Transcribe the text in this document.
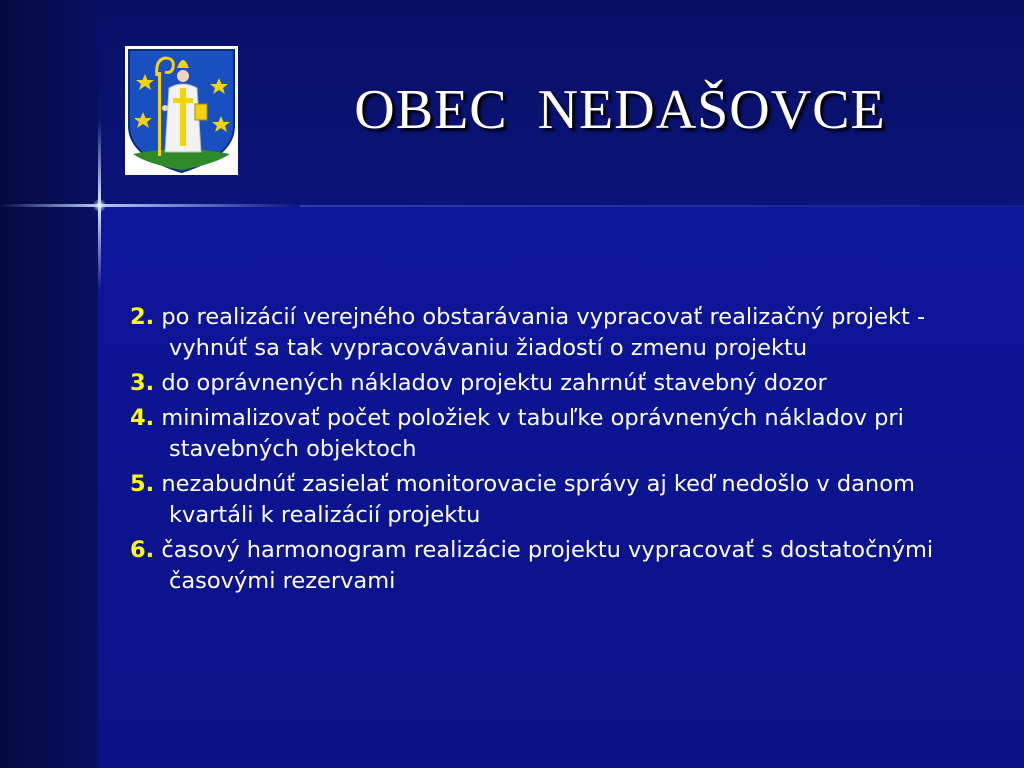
OBEC  NEDAŠOVCE
2. po realizácií verejného obstarávania vypracovať realizačný projekt - vyhnúť sa tak vypracovávaniu žiadostí o zmenu projektu
3. do oprávnených nákladov projektu zahrnúť stavebný dozor
4. minimalizovať počet položiek v tabuľke oprávnených nákladov pri stavebných objektoch
5. nezabudnúť zasielať monitorovacie správy aj keď nedošlo v danom kvartáli k realizácií projektu
6. časový harmonogram realizácie projektu vypracovať s dostatočnými časovými rezervami
